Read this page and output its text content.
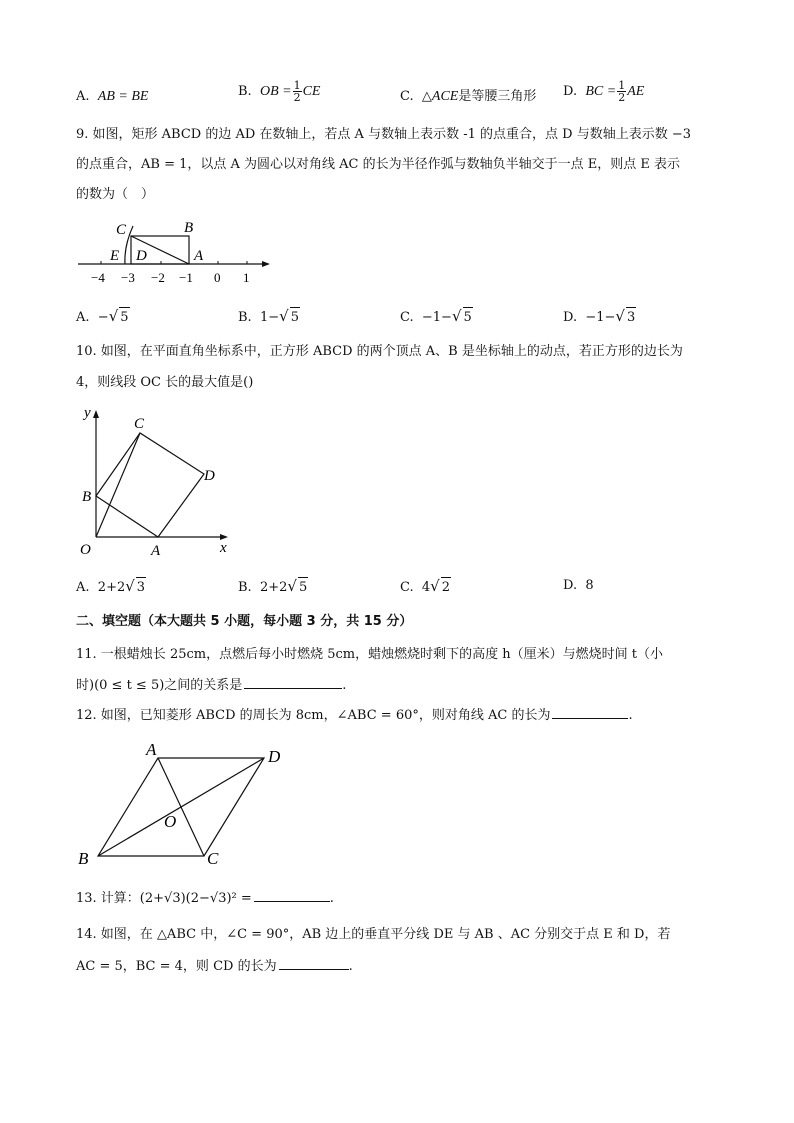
A. AB = BE	B. OB = $\frac{1}{2}$ CE	C. △ACE是等腰三角形 D. BC = $\frac{1}{2}$ AE
9. 如图，矩形 ABCD 的边 AD 在数轴上，若点 A 与数轴上表示数 -1 的点重合，点 D 与数轴上表示数 −3
的点重合，AB = 1，以点 A 为圆心以对角线 AC 的长为半径作弧与数轴负半轴交于一点 E，则点 E 表示
的数为（　）
C	B
E D	A
−4 −3 −2 −1 0 1
A. −√ 5	B. 1−√ 5	C. −1−√ 5	D. −1−√ 3
10. 如图，在平面直角坐标系中，正方形 ABCD 的两个顶点 A、B 是坐标轴上的动点，若正方形的边长为
4，则线段 OC 长的最大值是()
y
C
D
B
O	A	x
A. 2+2√ 3	B. 2+2√ 5	C. 4√ 2	D. 8
二、填空题（本大题共 5 小题，每小题 3 分，共 15 分）
11. 一根蜡烛长 25cm，点燃后每小时燃烧 5cm，蜡烛燃烧时剩下的高度 h（厘米）与燃烧时间 t（小
时)(0 ≤ t ≤ 5)之间的关系是	.
12. 如图，已知菱形 ABCD 的周长为 8cm，∠ABC = 60°，则对角线 AC 的长为	.
A	D
O
B	C
13. 计算：(2+√3)(2−√3)² =	.
14. 如图，在 △ABC 中，∠C = 90°，AB 边上的垂直平分线 DE 与 AB 、AC 分别交于点 E 和 D，若
AC = 5，BC = 4，则 CD 的长为	.
